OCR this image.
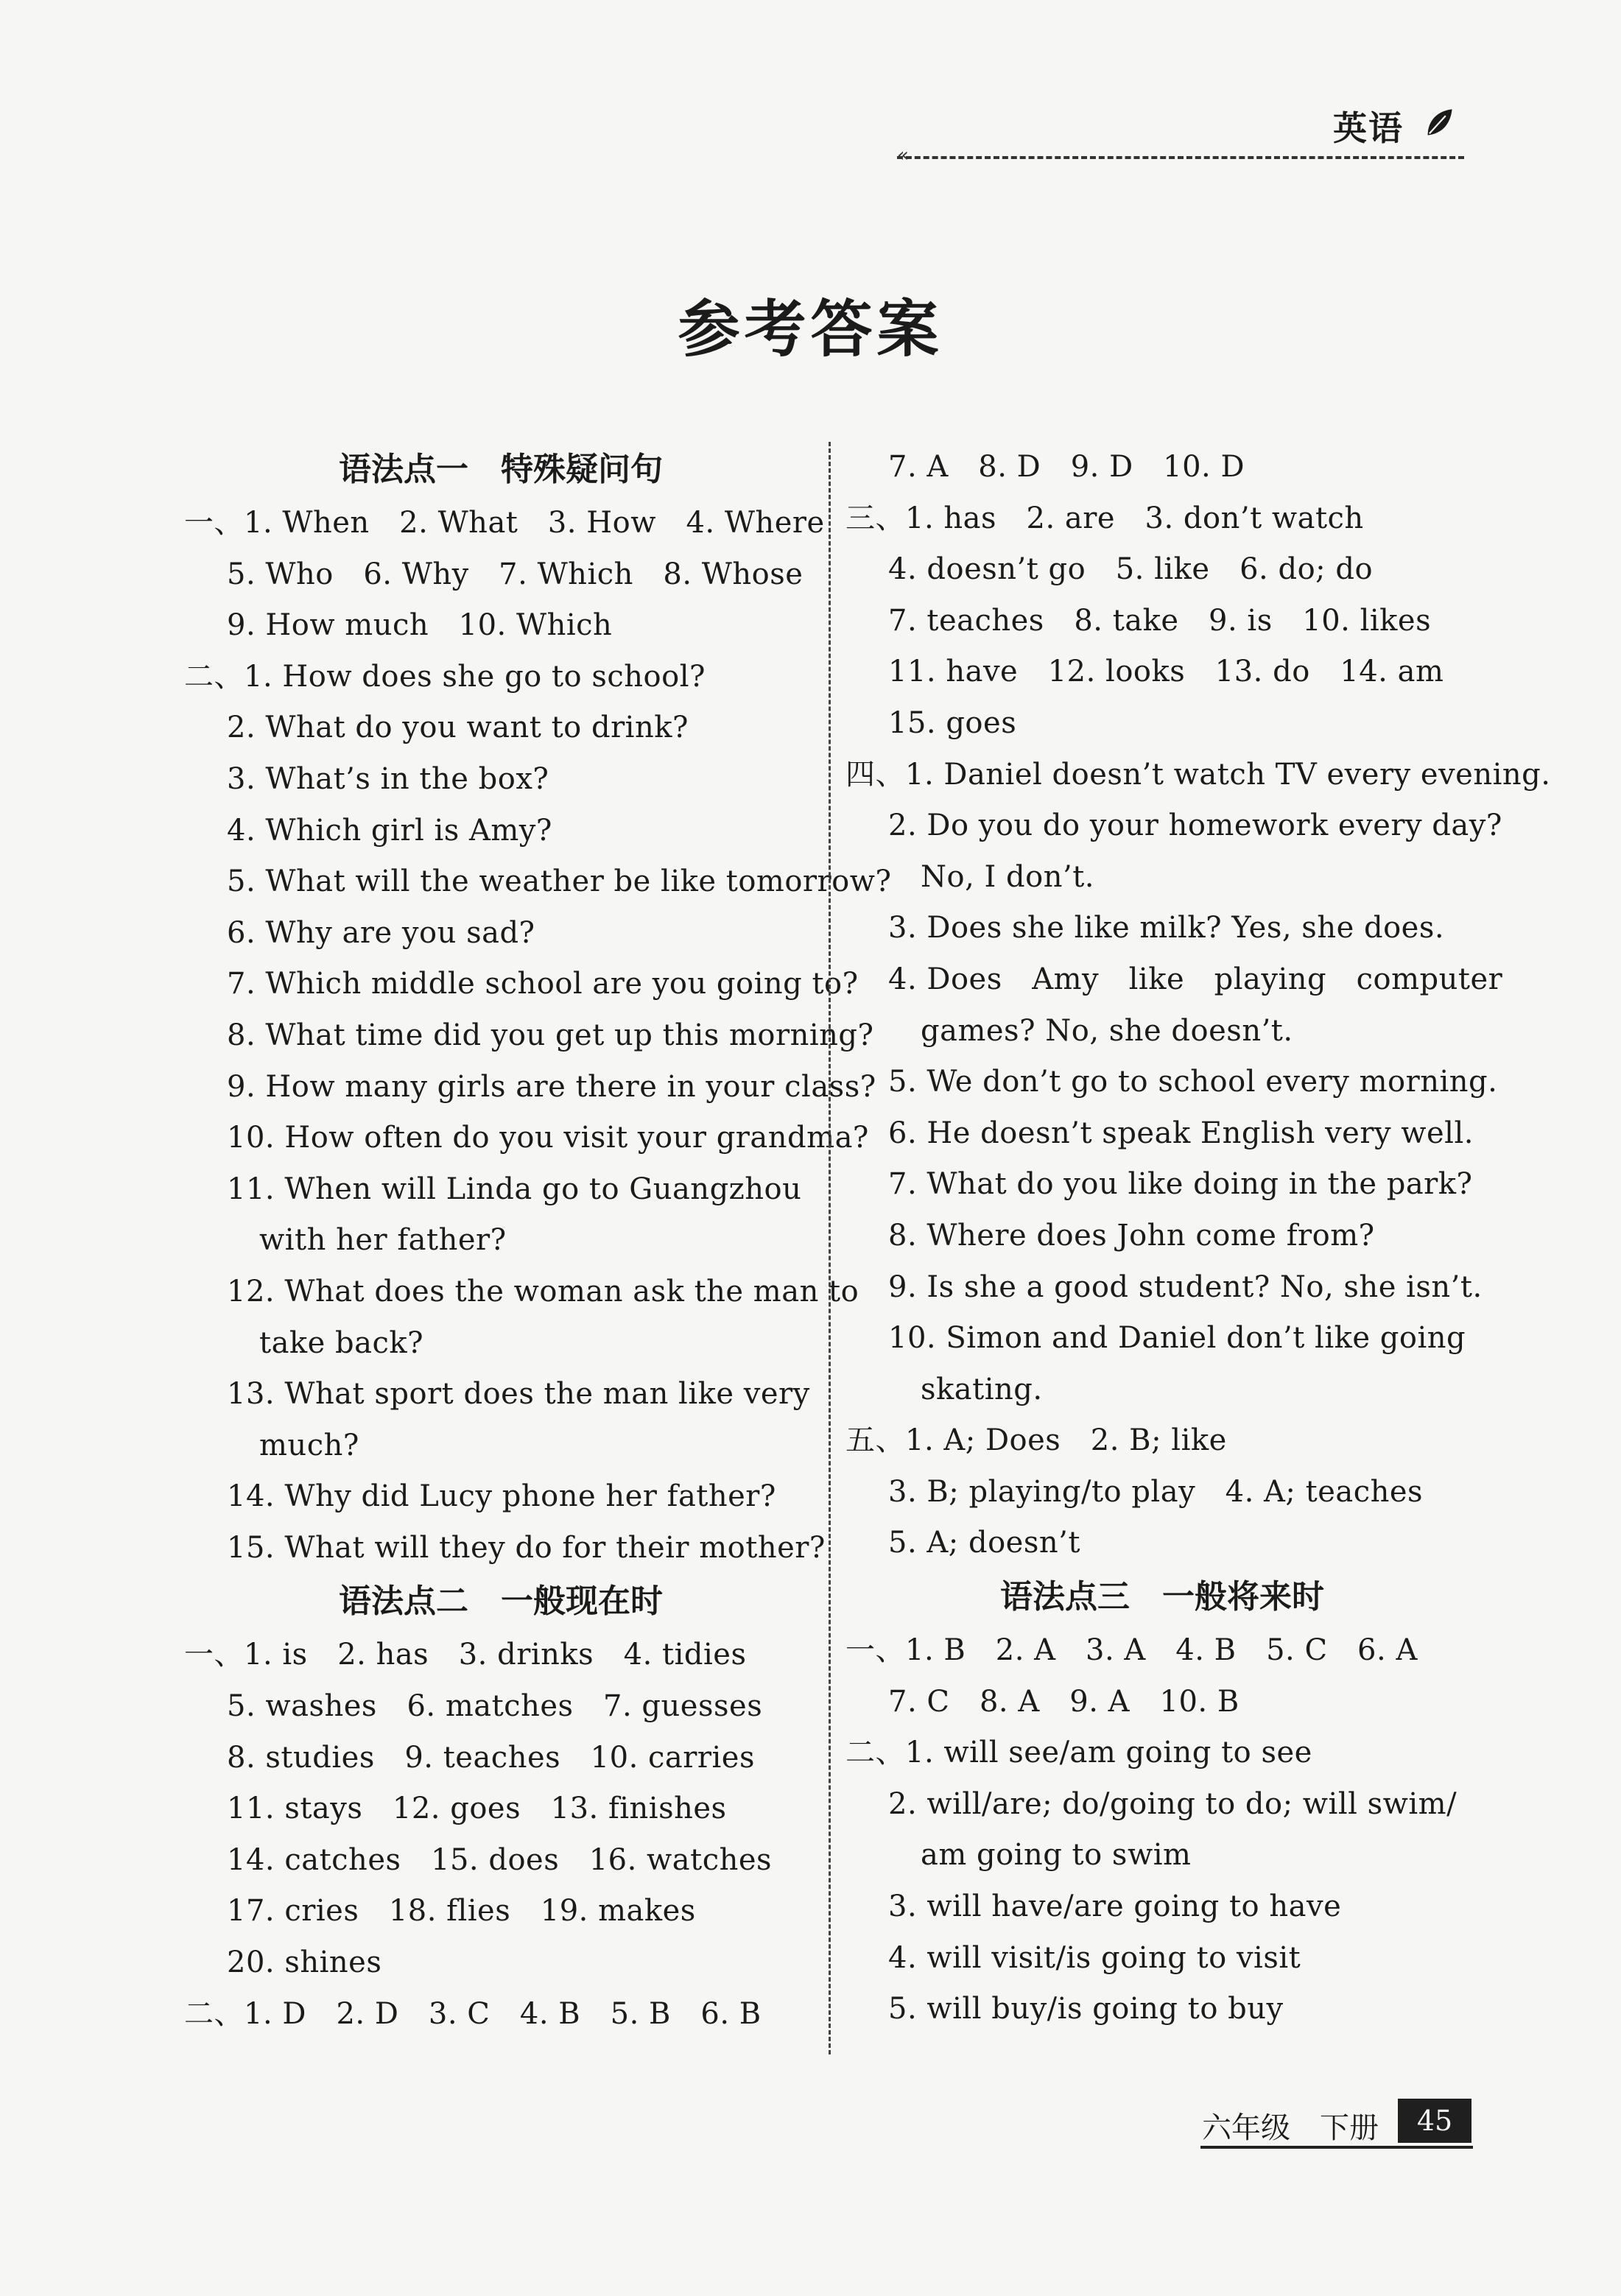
«
英语
参考答案
语法点一　特殊疑问句
一、1. When　2. What　3. How　4. Where
5. Who　6. Why　7. Which　8. Whose
9. How much　10. Which
二、1. How does she go to school?
2. What do you want to drink?
3. What’s in the box?
4. Which girl is Amy?
5. What will the weather be like tomorrow?
6. Why are you sad?
7. Which middle school are you going to?
8. What time did you get up this morning?
9. How many girls are there in your class?
10. How often do you visit your grandma?
11. When will Linda go to Guangzhou
with her father?
12. What does the woman ask the man to
take back?
13. What sport does the man like very
much?
14. Why did Lucy phone her father?
15. What will they do for their mother?
语法点二　一般现在时
一、1. is　2. has　3. drinks　4. tidies
5. washes　6. matches　7. guesses
8. studies　9. teaches　10. carries
11. stays　12. goes　13. finishes
14. catches　15. does　16. watches
17. cries　18. flies　19. makes
20. shines
二、1. D　2. D　3. C　4. B　5. B　6. B
7. A　8. D　9. D　10. D
三、1. has　2. are　3. don’t watch
4. doesn’t go　5. like　6. do; do
7. teaches　8. take　9. is　10. likes
11. have　12. looks　13. do　14. am
15. goes
四、1. Daniel doesn’t watch TV every evening.
2. Do you do your homework every day?
No, I don’t.
3. Does she like milk? Yes, she does.
4. Does　Amy　like　playing　computer
games? No, she doesn’t.
5. We don’t go to school every morning.
6. He doesn’t speak English very well.
7. What do you like doing in the park?
8. Where does John come from?
9. Is she a good student? No, she isn’t.
10. Simon and Daniel don’t like going
skating.
五、1. A; Does　2. B; like
3. B; playing/to play　4. A; teaches
5. A; doesn’t
语法点三　一般将来时
一、1. B　2. A　3. A　4. B　5. C　6. A
7. C　8. A　9. A　10. B
二、1. will see/am going to see
2. will/are; do/going to do; will swim/
am going to swim
3. will have/are going to have
4. will visit/is going to visit
5. will buy/is going to buy
六年级　下册	45
